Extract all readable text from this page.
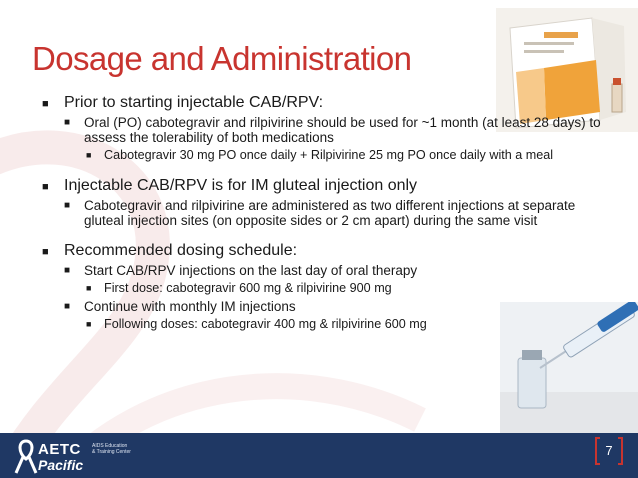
Dosage and Administration
■ Prior to starting injectable CAB/RPV:
■ Oral (PO) cabotegravir and rilpivirine should be used for ~1 month (at least 28 days) to assess the tolerability of both medications
■ Cabotegravir 30 mg PO once daily + Rilpivirine 25 mg PO once daily with a meal
■ Injectable CAB/RPV is for IM gluteal injection only
■ Cabotegravir and rilpivirine are administered as two different injections at separate gluteal injection sites (on opposite sides or 2 cm apart) during the same visit
■ Recommended dosing schedule:
■ Start CAB/RPV injections on the last day of oral therapy
■ First dose: cabotegravir 600 mg & rilpivirine 900 mg
■ Continue with monthly IM injections
■ Following doses: cabotegravir 400 mg & rilpivirine 600 mg
AETC
Pacific
AIDS Education & Training Center	7
